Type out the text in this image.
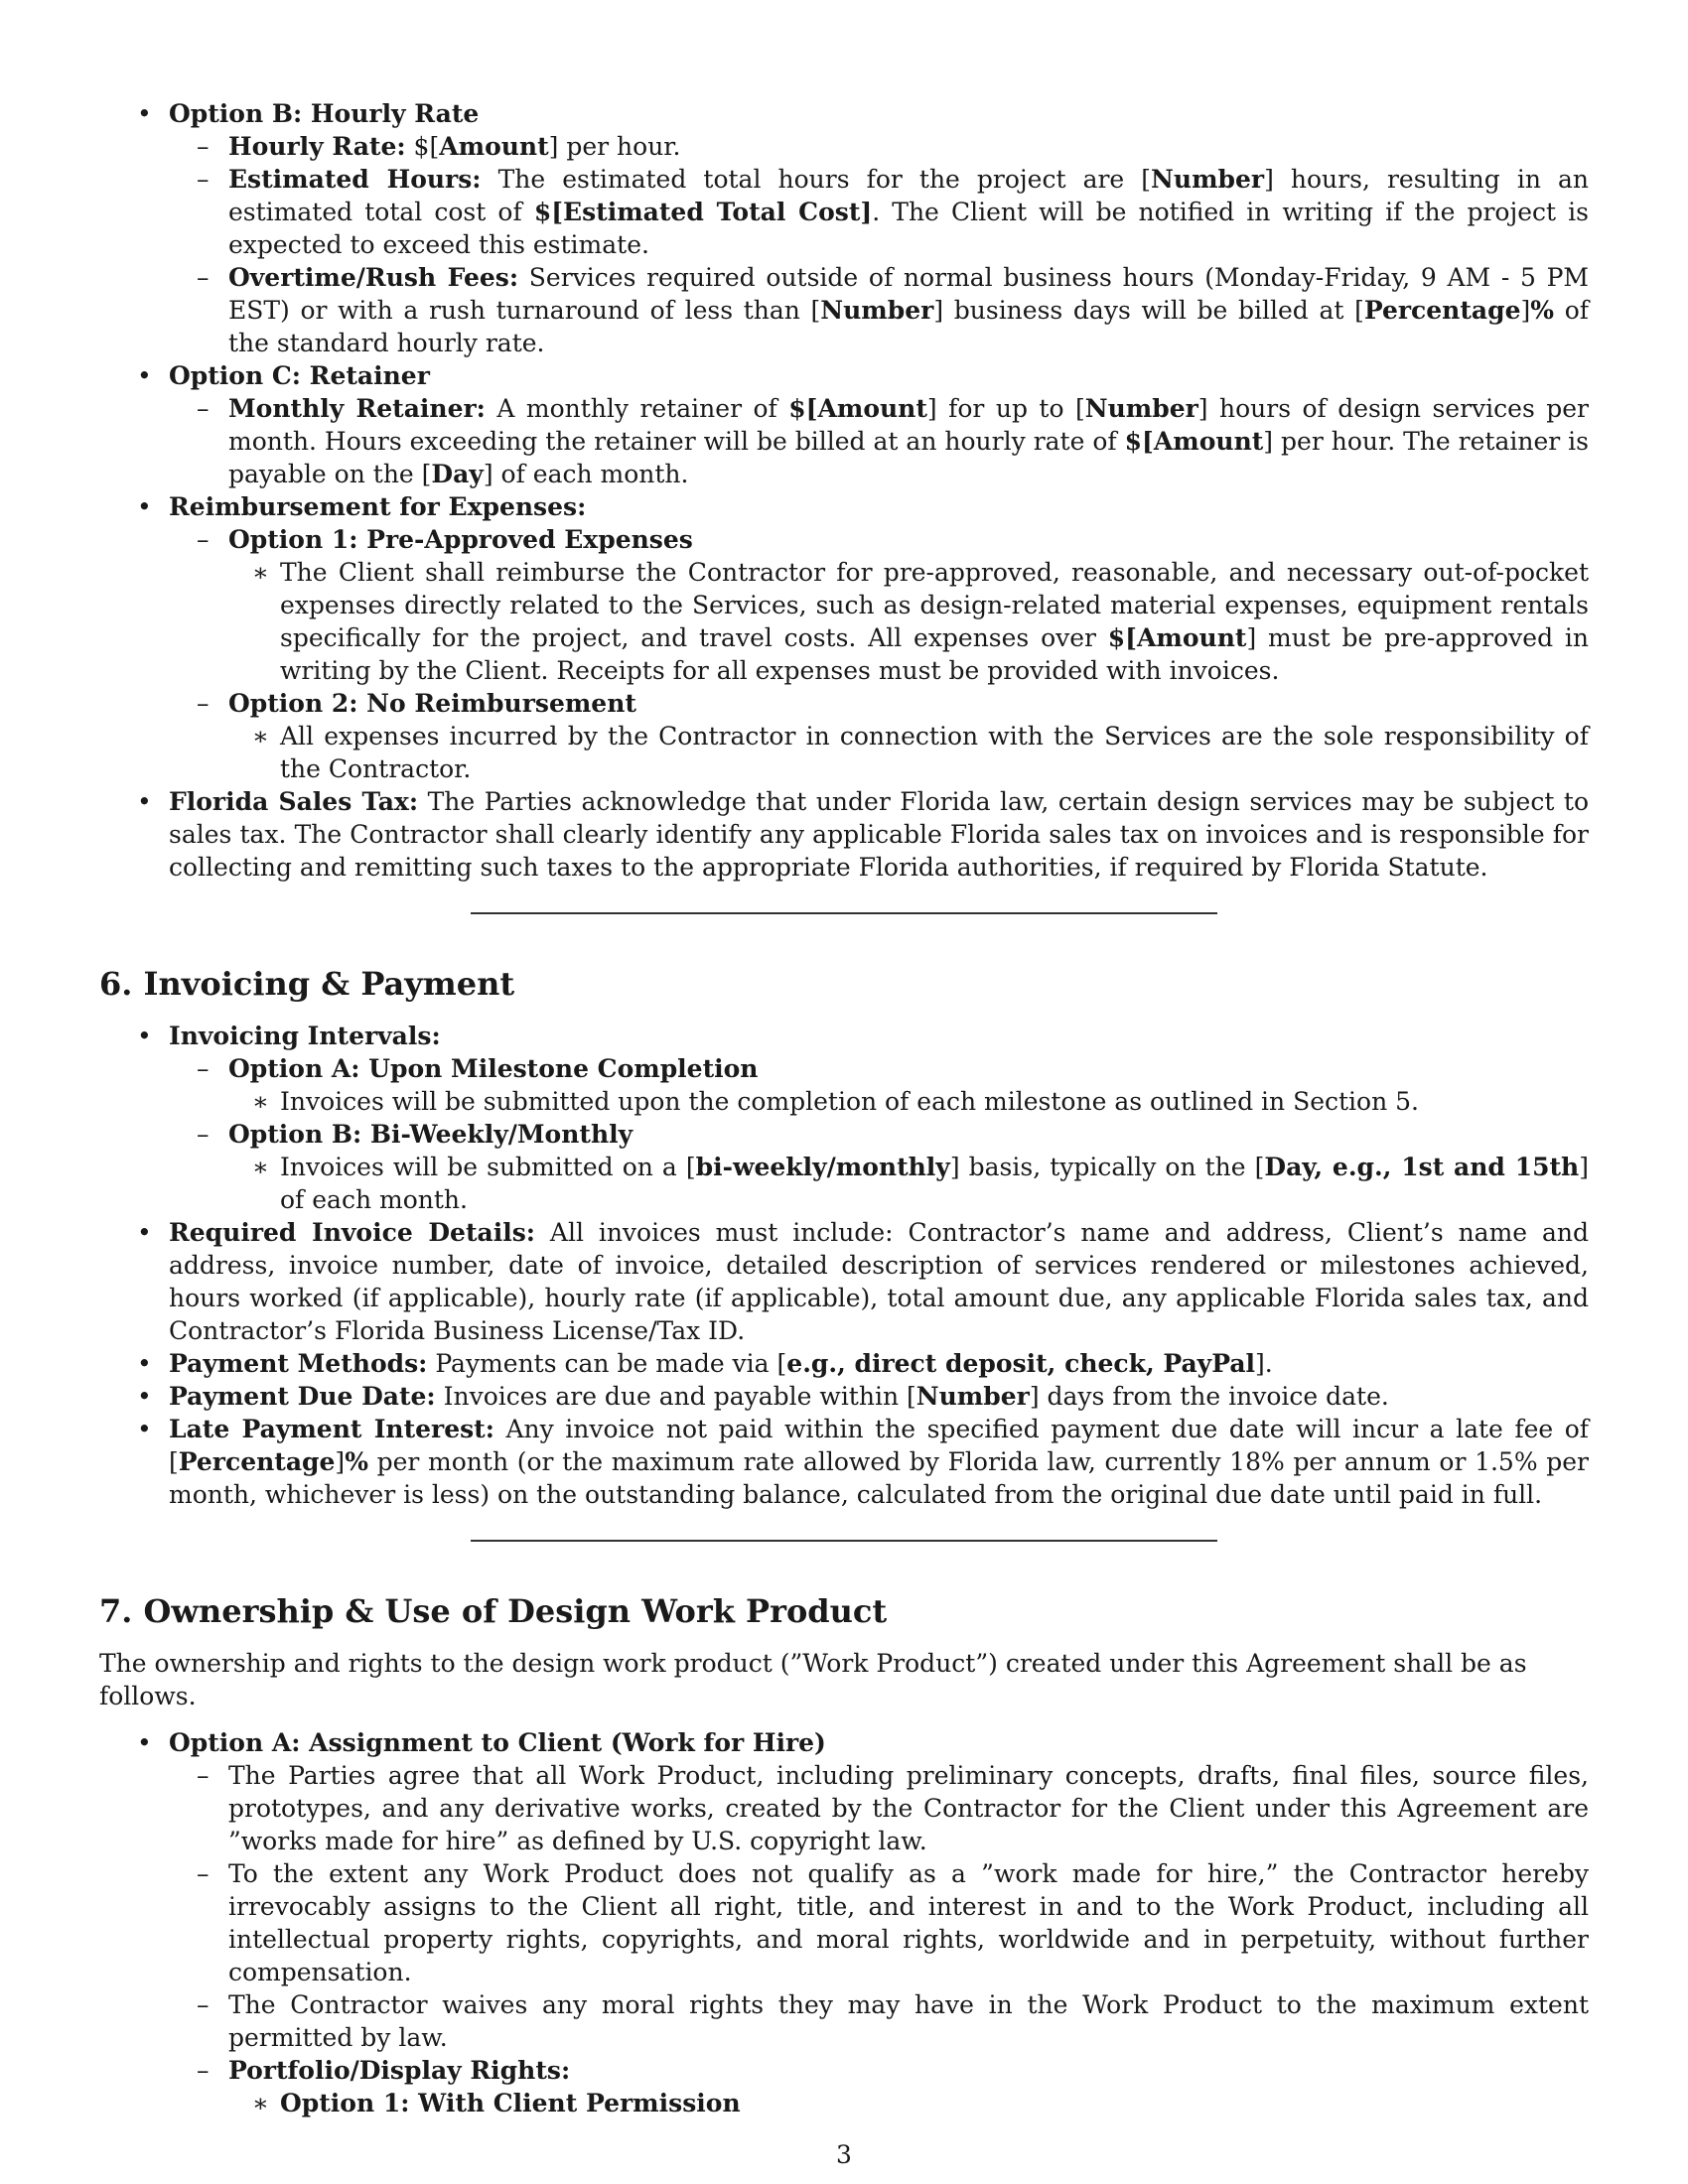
• Option B: Hourly Rate
– Hourly Rate: $[Amount] per hour.
– Estimated Hours: The estimated total hours for the project are [Number] hours, resulting in an estimated total cost of $[Estimated Total Cost]. The Client will be notified in writing if the project is expected to exceed this estimate.
– Overtime/Rush Fees: Services required outside of normal business hours (Monday-Friday, 9 AM - 5 PM EST) or with a rush turnaround of less than [Number] business days will be billed at [Percentage]% of the standard hourly rate.
• Option C: Retainer
– Monthly Retainer: A monthly retainer of $[Amount] for up to [Number] hours of design services per month. Hours exceeding the retainer will be billed at an hourly rate of $[Amount] per hour. The retainer is payable on the [Day] of each month.
• Reimbursement for Expenses:
– Option 1: Pre-Approved Expenses
∗ The Client shall reimburse the Contractor for pre-approved, reasonable, and necessary out-of-pocket expenses directly related to the Services, such as design-related material expenses, equipment rentals specifically for the project, and travel costs. All expenses over $[Amount] must be pre-approved in writing by the Client. Receipts for all expenses must be provided with invoices.
– Option 2: No Reimbursement
∗ All expenses incurred by the Contractor in connection with the Services are the sole responsibility of the Contractor.
• Florida Sales Tax: The Parties acknowledge that under Florida law, certain design services may be subject to sales tax. The Contractor shall clearly identify any applicable Florida sales tax on invoices and is responsible for collecting and remitting such taxes to the appropriate Florida authorities, if required by Florida Statute.
6. Invoicing & Payment
• Invoicing Intervals:
– Option A: Upon Milestone Completion
∗ Invoices will be submitted upon the completion of each milestone as outlined in Section 5.
– Option B: Bi-Weekly/Monthly
∗ Invoices will be submitted on a [bi-weekly/monthly] basis, typically on the [Day, e.g., 1st and 15th] of each month.
• Required Invoice Details: All invoices must include: Contractor’s name and address, Client’s name and address, invoice number, date of invoice, detailed description of services rendered or milestones achieved, hours worked (if applicable), hourly rate (if applicable), total amount due, any applicable Florida sales tax, and Contractor’s Florida Business License/Tax ID.
• Payment Methods: Payments can be made via [e.g., direct deposit, check, PayPal].
• Payment Due Date: Invoices are due and payable within [Number] days from the invoice date.
• Late Payment Interest: Any invoice not paid within the specified payment due date will incur a late fee of [Percentage]% per month (or the maximum rate allowed by Florida law, currently 18% per annum or 1.5% per month, whichever is less) on the outstanding balance, calculated from the original due date until paid in full.
7. Ownership & Use of Design Work Product

The ownership and rights to the design work product (”Work Product”) created under this Agreement shall be as follows.

• Option A: Assignment to Client (Work for Hire)
– The Parties agree that all Work Product, including preliminary concepts, drafts, final files, source files, prototypes, and any derivative works, created by the Contractor for the Client under this Agreement are ”works made for hire” as defined by U.S. copyright law.
– To the extent any Work Product does not qualify as a ”work made for hire,” the Contractor hereby irrevocably assigns to the Client all right, title, and interest in and to the Work Product, including all intellectual property rights, copyrights, and moral rights, worldwide and in perpetuity, without further compensation.
– The Contractor waives any moral rights they may have in the Work Product to the maximum extent permitted by law.
– Portfolio/Display Rights:
∗ Option 1: With Client Permission
3
